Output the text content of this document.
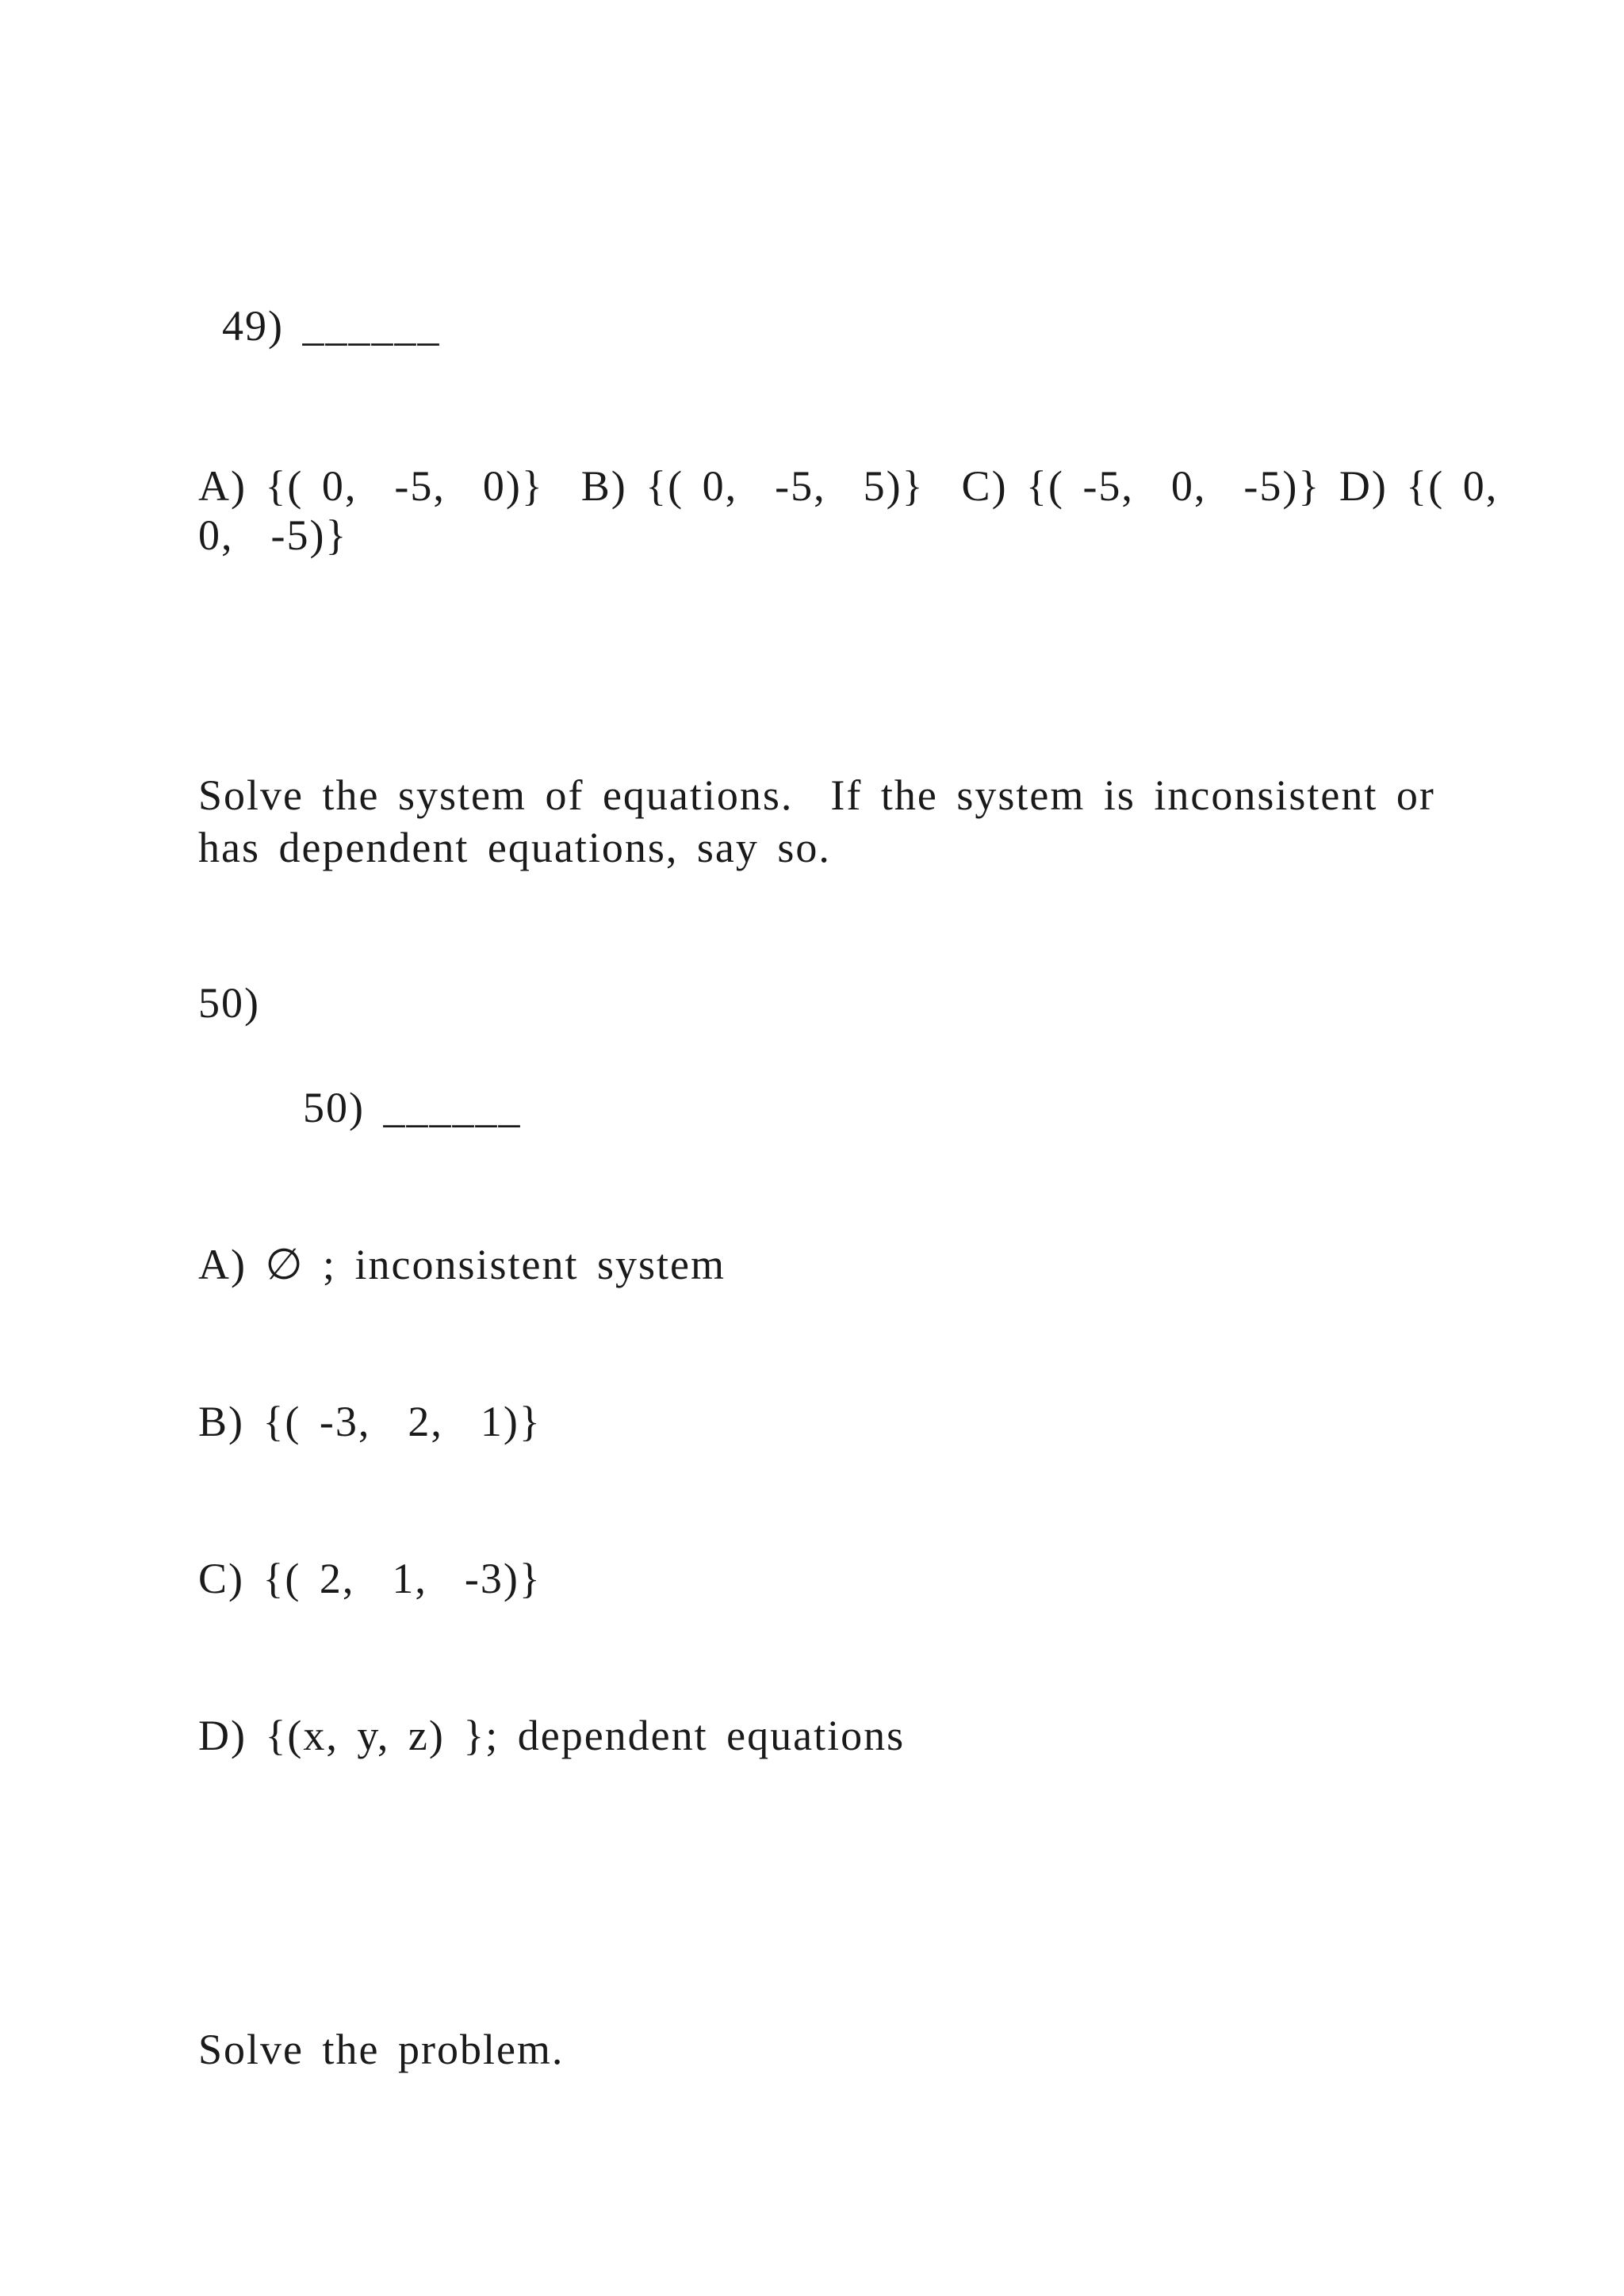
49) ______
A) {( 0,  -5,  0)}  B) {( 0,  -5,  5)}  C) {( -5,  0,  -5)} D) {( 0,
0,  -5)}
Solve the system of equations.  If the system is inconsistent or
has dependent equations, say so.
50)
50) ______
A) ∅ ; inconsistent system
B) {( -3,  2,  1)}
C) {( 2,  1,  -3)}
D) {(x, y, z) }; dependent equations
Solve the problem.
